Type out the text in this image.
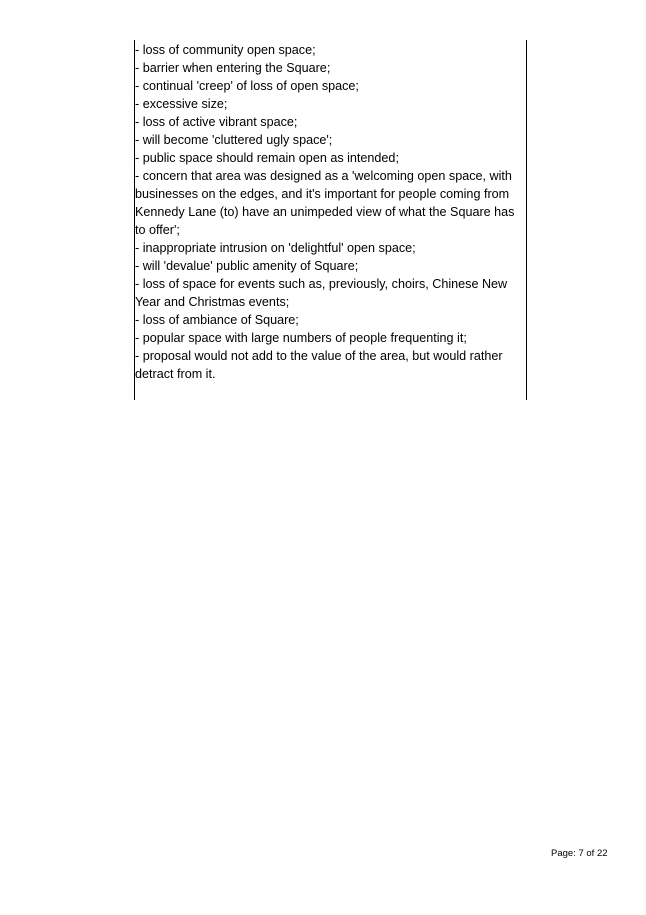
- loss of community open space;
- barrier when entering the Square;
- continual 'creep' of loss of open space;
- excessive size;
- loss of active vibrant space;
- will become 'cluttered ugly space';
- public space should remain open as intended;
- concern that area was designed as a 'welcoming open space, with
businesses on the edges, and it's important for people coming from
Kennedy Lane (to) have an unimpeded view of what the Square has
to offer';
- inappropriate intrusion on 'delightful' open space;
- will 'devalue' public amenity of Square;
- loss of space for events such as, previously, choirs, Chinese New
Year and Christmas events;
- loss of ambiance of Square;
- popular space with large numbers of people frequenting it;
- proposal would not add to the value of the area, but would rather
detract from it.
Page: 7 of 22
